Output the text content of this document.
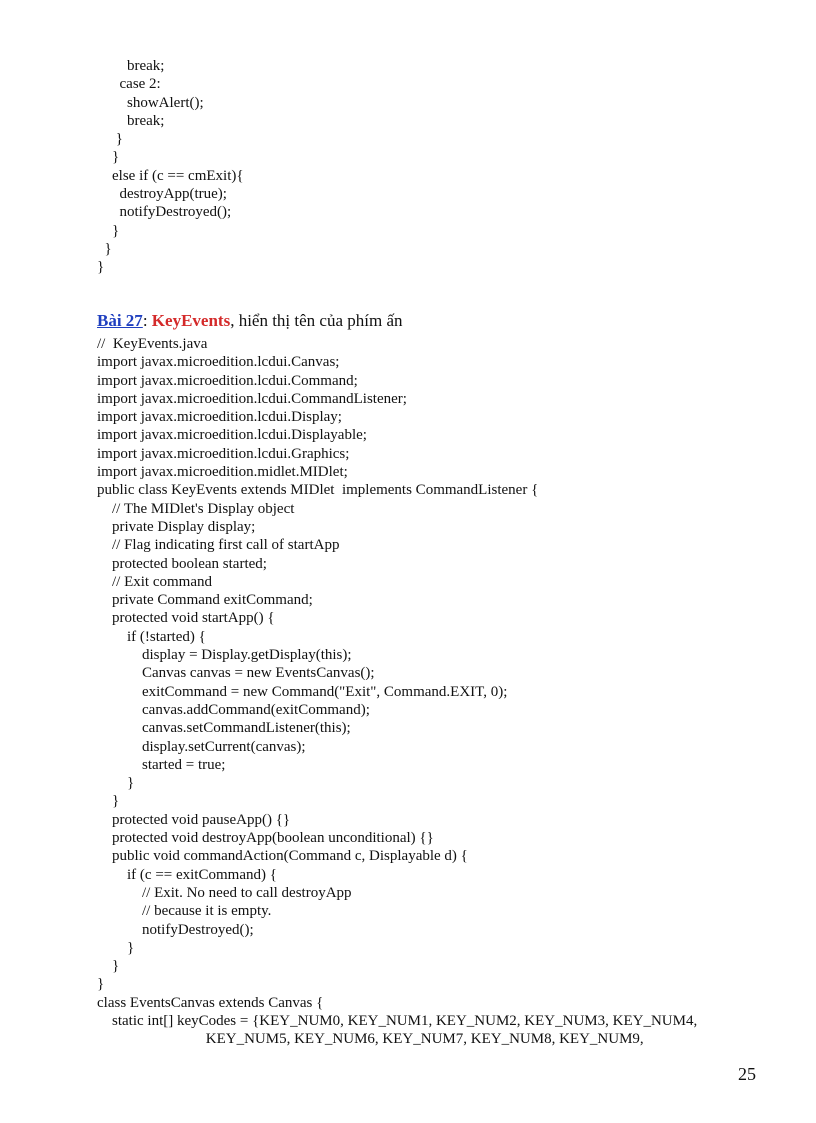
break;
case 2:
showAlert();
break;
}
}
else if (c == cmExit){
destroyApp(true);
notifyDestroyed();
}
}
}
Bài 27: KeyEvents, hiển thị tên của phím ấn
//  KeyEvents.java
import javax.microedition.lcdui.Canvas;
import javax.microedition.lcdui.Command;
import javax.microedition.lcdui.CommandListener;
import javax.microedition.lcdui.Display;
import javax.microedition.lcdui.Displayable;
import javax.microedition.lcdui.Graphics;
import javax.microedition.midlet.MIDlet;
public class KeyEvents extends MIDlet  implements CommandListener {
// The MIDlet's Display object
private Display display;
// Flag indicating first call of startApp
protected boolean started;
// Exit command
private Command exitCommand;
protected void startApp() {
if (!started) {
display = Display.getDisplay(this);
Canvas canvas = new EventsCanvas();
exitCommand = new Command("Exit", Command.EXIT, 0);
canvas.addCommand(exitCommand);
canvas.setCommandListener(this);
display.setCurrent(canvas);
started = true;
}
}
protected void pauseApp() {}
protected void destroyApp(boolean unconditional) {}
public void commandAction(Command c, Displayable d) {
if (c == exitCommand) {
// Exit. No need to call destroyApp
// because it is empty.
notifyDestroyed();
}
}
}
class EventsCanvas extends Canvas {
static int[] keyCodes = {KEY_NUM0, KEY_NUM1, KEY_NUM2, KEY_NUM3, KEY_NUM4,
KEY_NUM5, KEY_NUM6, KEY_NUM7, KEY_NUM8, KEY_NUM9,
25
